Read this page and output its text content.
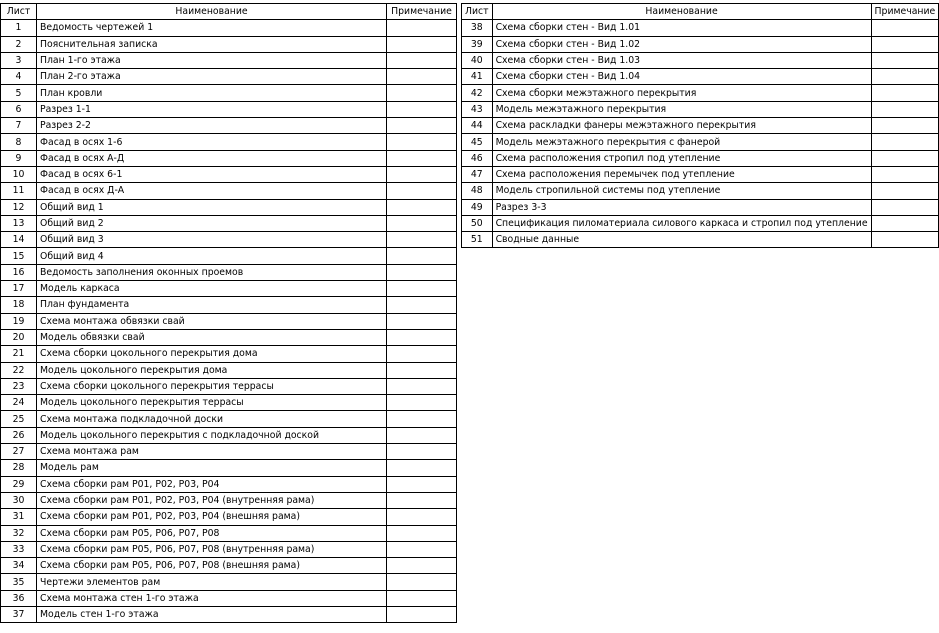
Лист	Наименование	Примечание
1	Ведомость чертежей 1	
2	Пояснительная записка	
3	План 1-го этажа	
4	План 2-го этажа	
5	План кровли	
6	Разрез 1-1	
7	Разрез 2-2	
8	Фасад в осях 1-6	
9	Фасад в осях А-Д	
10	Фасад в осях 6-1	
11	Фасад в осях Д-А	
12	Общий вид 1	
13	Общий вид 2	
14	Общий вид 3	
15	Общий вид 4	
16	Ведомость заполнения оконных проемов	
17	Модель каркаса	
18	План фундамента	
19	Схема монтажа обвязки свай	
20	Модель обвязки свай	
21	Схема сборки цокольного перекрытия дома	
22	Модель цокольного перекрытия дома	
23	Схема сборки цокольного перекрытия террасы	
24	Модель цокольного перекрытия террасы	
25	Схема монтажа подкладочной доски	
26	Модель цокольного перекрытия с подкладочной доской	
27	Схема монтажа рам	
28	Модель рам	
29	Схема сборки рам Р01, Р02, Р03, Р04	
30	Схема сборки рам Р01, Р02, Р03, Р04 (внутренняя рама)	
31	Схема сборки рам Р01, Р02, Р03, Р04 (внешняя рама)	
32	Схема сборки рам Р05, Р06, Р07, Р08	
33	Схема сборки рам Р05, Р06, Р07, Р08 (внутренняя рама)	
34	Схема сборки рам Р05, Р06, Р07, Р08 (внешняя рама)	
35	Чертежи элементов рам	
36	Схема монтажа стен 1-го этажа	
37	Модель стен 1-го этажа	
Лист	Наименование	Примечание
38	Схема сборки стен - Вид 1.01	
39	Схема сборки стен - Вид 1.02	
40	Схема сборки стен - Вид 1.03	
41	Схема сборки стен - Вид 1.04	
42	Схема сборки межэтажного перекрытия	
43	Модель межэтажного перекрытия	
44	Схема раскладки фанеры межэтажного перекрытия	
45	Модель межэтажного перекрытия с фанерой	
46	Схема расположения стропил под утепление	
47	Схема расположения перемычек под утепление	
48	Модель стропильной системы под утепление	
49	Разрез 3-3	
50	Спецификация пиломатериала силового каркаса и стропил под утепление	
51	Сводные данные	
